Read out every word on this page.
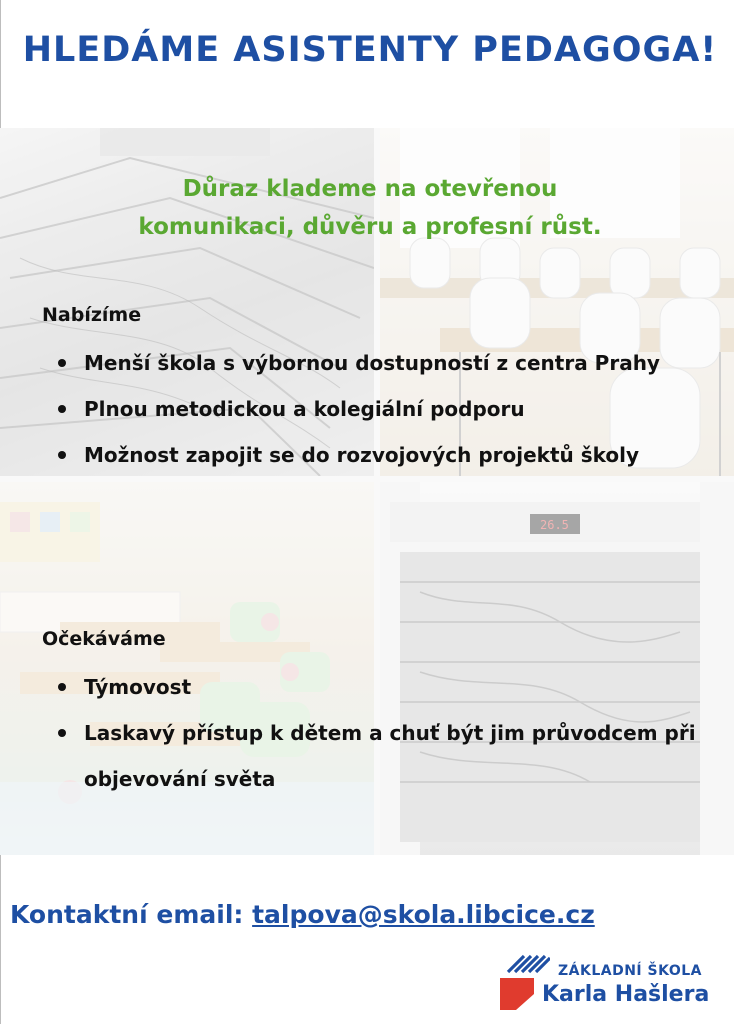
HLEDÁME ASISTENTY PEDAGOGA!
Důraz klademe na otevřenou
komunikaci, důvěru a profesní růst.
Nabízíme
Menší škola s výbornou dostupností z centra Prahy
Plnou metodickou a kolegiální podporu
Možnost zapojit se do rozvojových projektů školy
Očekáváme
Týmovost
Laskavý přístup k dětem a chuť být jim průvodcem při objevování světa
Kontaktní email: talpova@skola.libcice.cz
ZÁKLADNÍ ŠKOLA
Karla Hašlera
